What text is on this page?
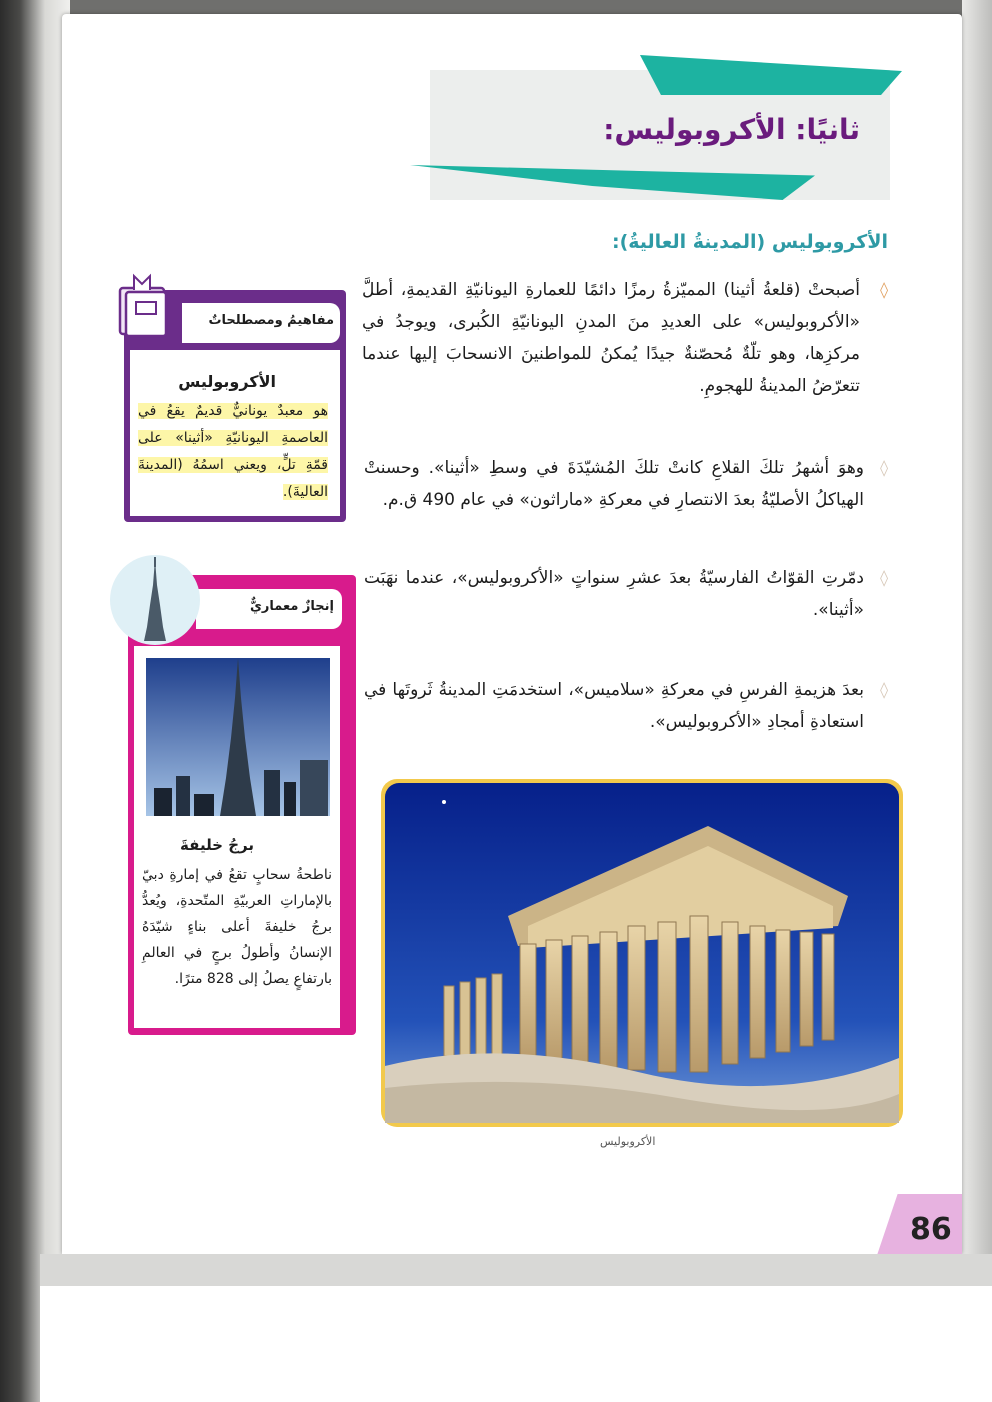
ثانيًا: الأكروبوليس:
الأكروبوليس (المدينةُ العاليةُ):
◊
أصبحتْ (قلعةُ أثينا) المميّزةُ رمزًا دائمًا للعمارةِ اليونانيّةِ القديمةِ، أطلَّ «الأكروبوليس» على العديدِ منَ المدنِ اليونانيّةِ الكُبرى، ويوجدُ في مركزِها، وهو تلّةٌ مُحصّنةٌ جيدًا يُمكنُ للمواطنينَ الانسحابَ إليها عندما تتعرّضُ المدينةُ للهجومِ.
◊
وهوَ أشهرُ تلكَ القلاعِ كانتْ تلكَ المُشيّدَةَ في وسطِ «أثينا». وحسنتْ الهياكلُ الأصليّةُ بعدَ الانتصارِ في معركةِ «ماراثون» في عام 490 ق.م.
◊
دمّرتِ القوّاتُ الفارسيّةُ بعدَ عشرِ سنواتٍ «الأكروبوليس»، عندما نهَبَت «أثينا».
◊
بعدَ هزيمةِ الفرسِ في معركةِ «سلاميس»، استخدمَتِ المدينةُ ثَروتَها في استعادةِ أمجادِ «الأكروبوليس».
مفاهيمُ ومصطلحاتٌ
الأكروبوليس
هو معبدٌ يونانيٌّ قديمٌ يقعُ في العاصمةِ اليونانيّةِ «أثينا» على قمّةِ تلٍّ، ويعني اسمُهُ (المدينةَ العاليةَ).
إنجازٌ معماريٌّ
برجُ خليفةَ
ناطحةُ سحابٍ تقعُ في إمارةِ دبيّ بالإماراتِ العربيّةِ المتّحدةِ، ويُعدُّ برجُ خليفةَ أعلى بناءٍ شيّدَهُ الإنسانُ وأطولُ برجٍ في العالمِ بارتفاعٍ يصلُ إلى 828 مترًا.
الأكروبوليس
86
